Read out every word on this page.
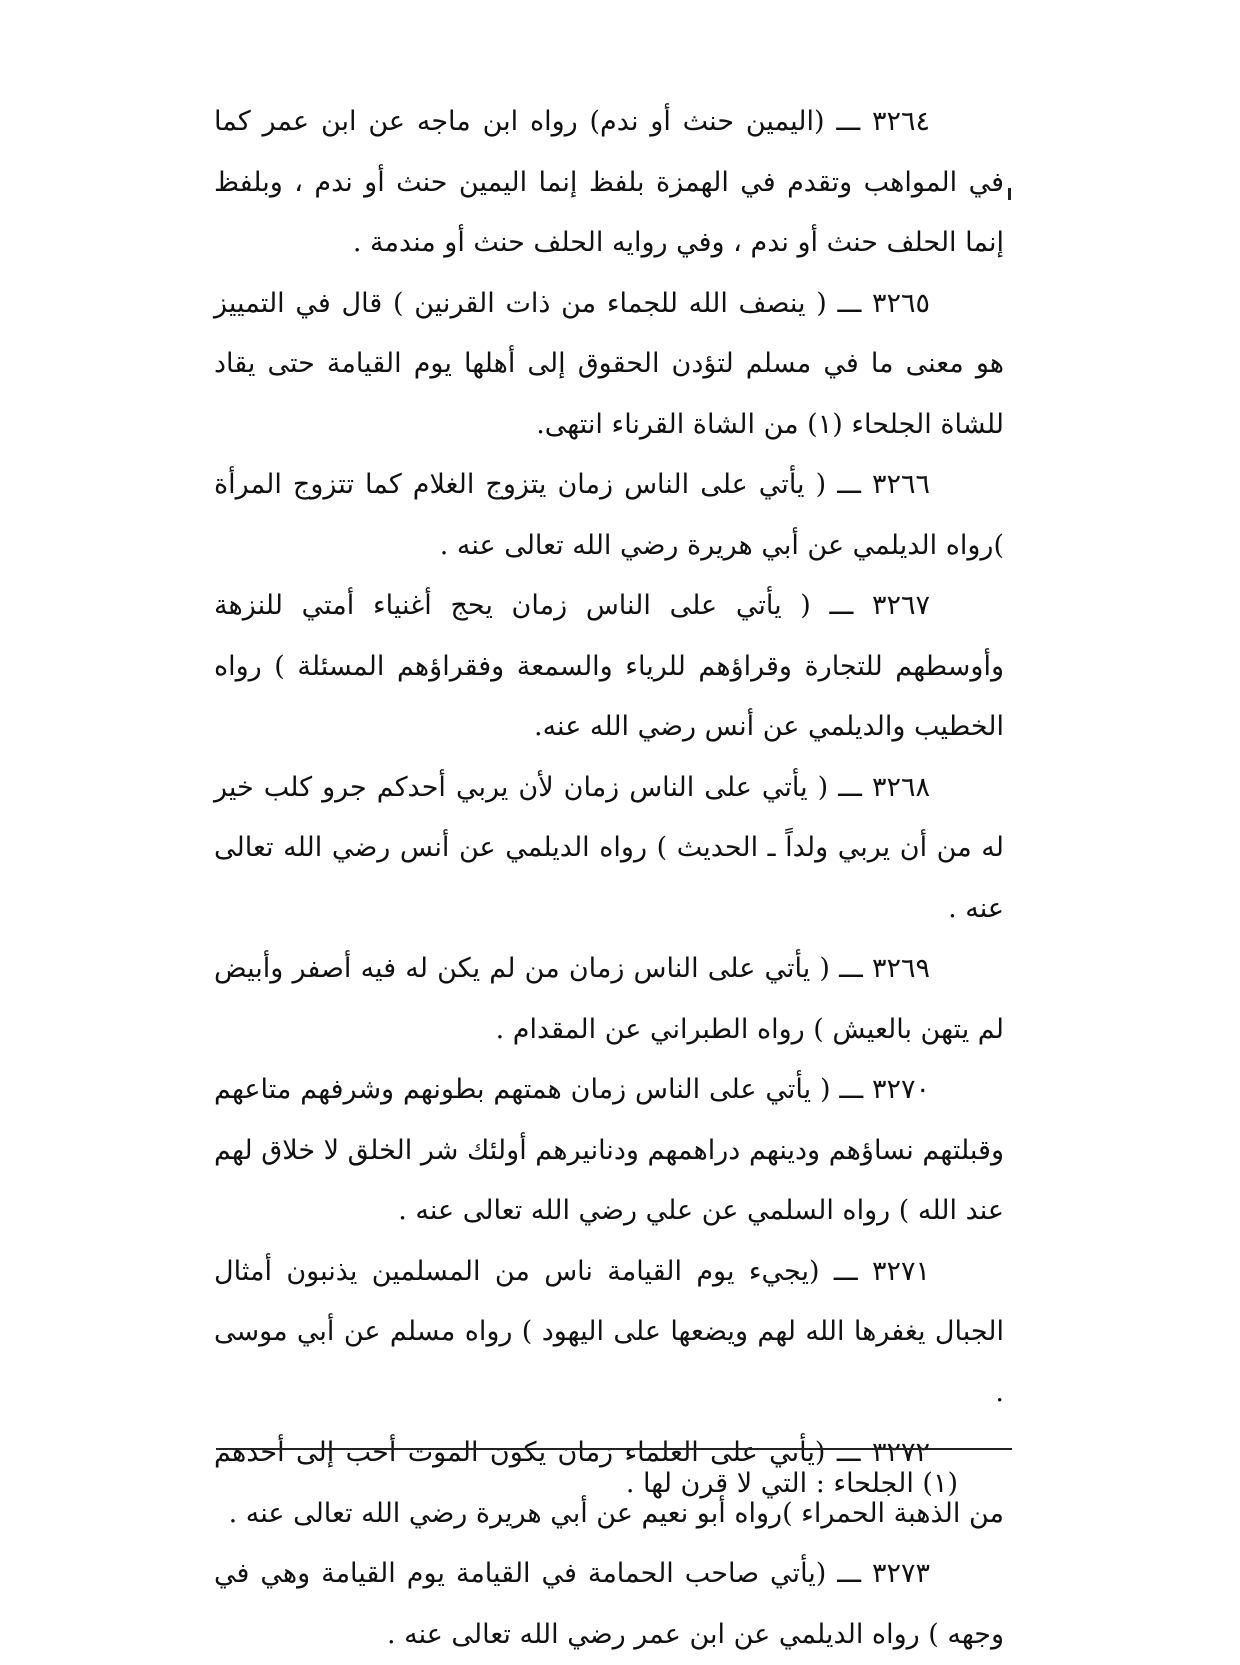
٣٢٦٤ ـــ (اليمين حنث أو ندم) رواه ابن ماجه عن ابن عمر كما في المواهب وتقدم في الهمزة بلفظ إنما اليمين حنث أو ندم ، وبلفظ إنما الحلف حنث أو ندم ، وفي روايه الحلف حنث أو مندمة .

٣٢٦٥ ـــ ( ينصف الله للجماء من ذات القرنين ) قال في التمييز هو معنى ما في مسلم لتؤدن الحقوق إلى أهلها يوم القيامة حتى يقاد للشاة الجلحاء (١) من الشاة القرناء انتهى.

٣٢٦٦ ـــ ( يأتي على الناس زمان يتزوج الغلام كما تتزوج المرأة )رواه الديلمي عن أبي هريرة رضي الله تعالى عنه .

٣٢٦٧ ـــ ( يأتي على الناس زمان يحج أغنياء أمتي للنزهة وأوسطهم للتجارة وقراؤهم للرياء والسمعة وفقراؤهم المسئلة ) رواه الخطيب والديلمي عن أنس رضي الله عنه.

٣٢٦٨ ـــ ( يأتي على الناس زمان لأن يربي أحدكم جرو كلب خير له من أن يربي ولداً ـ الحديث ) رواه الديلمي عن أنس رضي الله تعالى عنه .

٣٢٦٩ ـــ ( يأتي على الناس زمان من لم يكن له فيه أصفر وأبيض لم يتهن بالعيش ) رواه الطبراني عن المقدام .

٣٢٧٠ ـــ ( يأتي على الناس زمان همتهم بطونهم وشرفهم متاعهم وقبلتهم نساؤهم ودينهم دراهمهم ودنانيرهم أولئك شر الخلق لا خلاق لهم عند الله ) رواه السلمي عن علي رضي الله تعالى عنه .

٣٢٧١ ـــ (يجيء يوم القيامة ناس من المسلمين يذنبون أمثال الجبال يغفرها الله لهم ويضعها على اليهود ) رواه مسلم عن أبي موسى .

٣٢٧٢ ـــ (يأتي على العلماء زمان يكون الموت أحب إلى أحدهم من الذهبة الحمراء )رواه أبو نعيم عن أبي هريرة رضي الله تعالى عنه .

٣٢٧٣ ـــ (يأتي صاحب الحمامة في القيامة يوم القيامة وهي في وجهه ) رواه الديلمي عن ابن عمر رضي الله تعالى عنه .

(١) الجلحاء : التي لا قرن لها .
